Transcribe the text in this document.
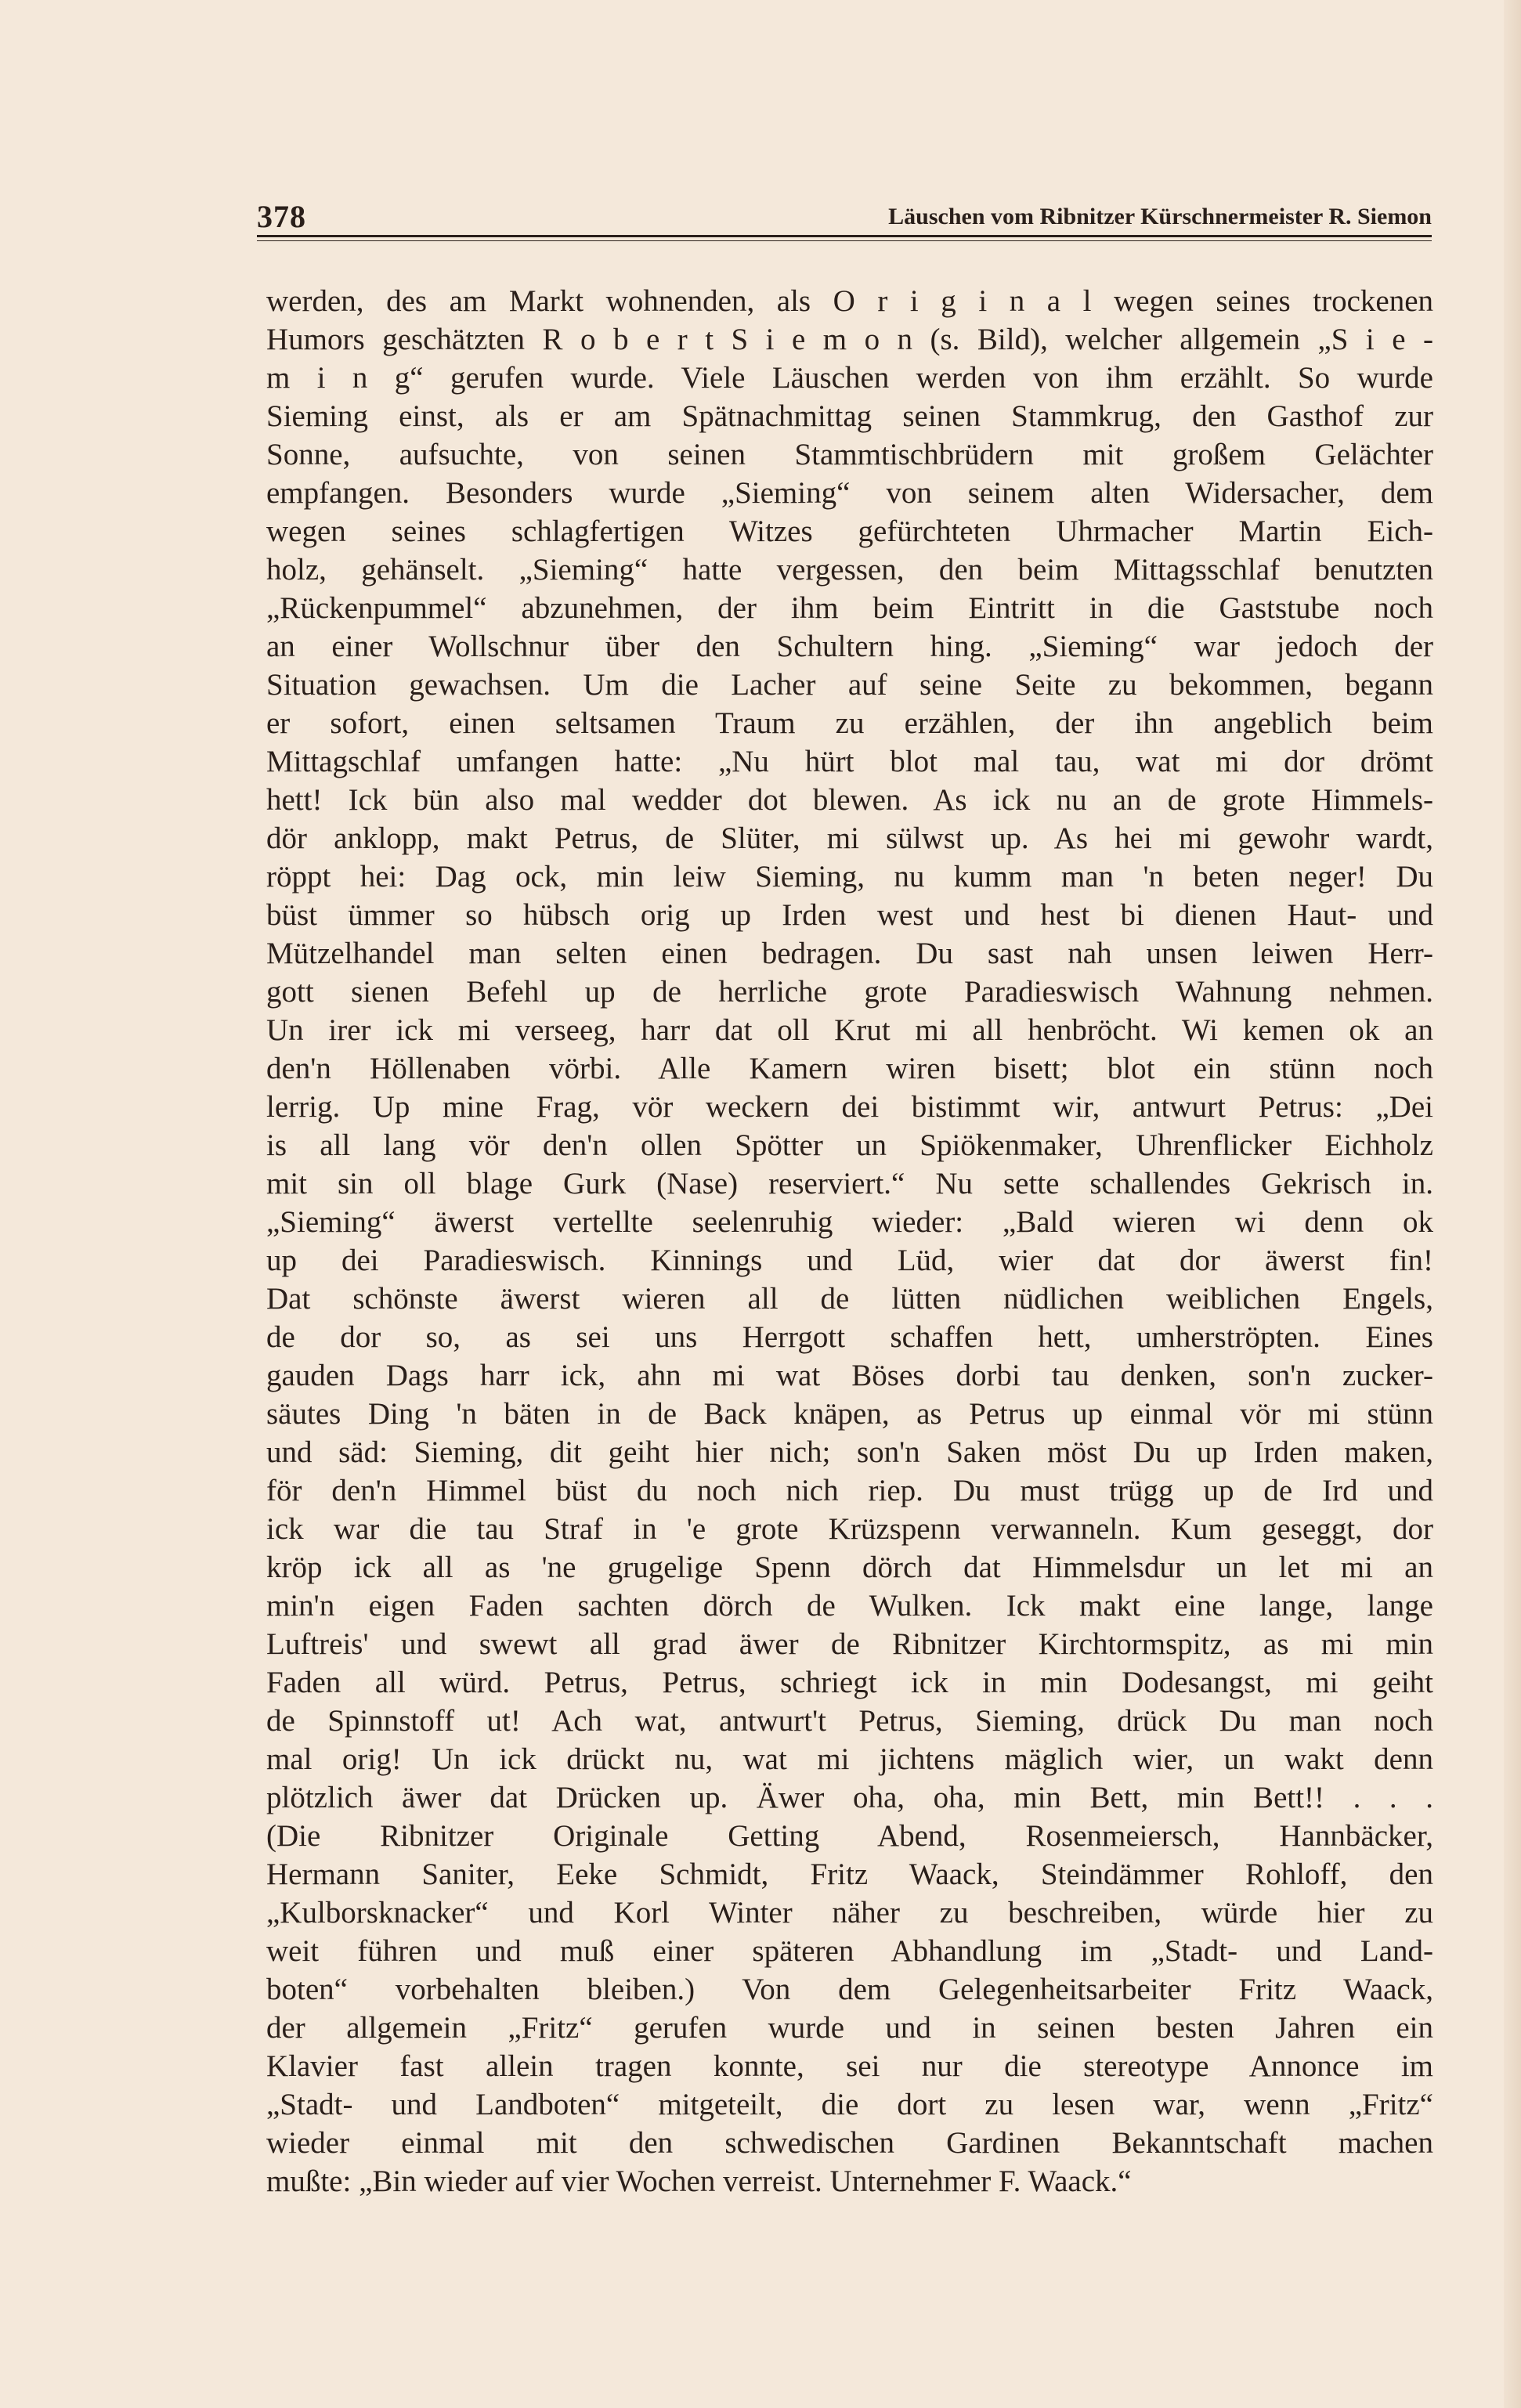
378	Läuschen vom Ribnitzer Kürschnermeister R. Siemon
werden, des am Markt wohnenden, als O r i g i n a l wegen seines trockenen
Humors geschätzten R o b e r t S i e m o n (s. Bild), welcher allgemein „S i e -
m i n g“ gerufen wurde. Viele Läuschen werden von ihm erzählt. So wurde
Sieming einst, als er am Spätnachmittag seinen Stammkrug, den Gasthof zur
Sonne, aufsuchte, von seinen Stammtischbrüdern mit großem Gelächter
empfangen. Besonders wurde „Sieming“ von seinem alten Widersacher, dem
wegen seines schlagfertigen Witzes gefürchteten Uhrmacher Martin Eich-
holz, gehänselt. „Sieming“ hatte vergessen, den beim Mittagsschlaf benutzten
„Rückenpummel“ abzunehmen, der ihm beim Eintritt in die Gaststube noch
an einer Wollschnur über den Schultern hing. „Sieming“ war jedoch der
Situation gewachsen. Um die Lacher auf seine Seite zu bekommen, begann
er sofort, einen seltsamen Traum zu erzählen, der ihn angeblich beim
Mittagschlaf umfangen hatte: „Nu hürt blot mal tau, wat mi dor drömt
hett! Ick bün also mal wedder dot blewen. As ick nu an de grote Himmels-
dör anklopp, makt Petrus, de Slüter, mi sülwst up. As hei mi gewohr wardt,
röppt hei: Dag ock, min leiw Sieming, nu kumm man 'n beten neger! Du
büst ümmer so hübsch orig up Irden west und hest bi dienen Haut- und
Mützelhandel man selten einen bedragen. Du sast nah unsen leiwen Herr-
gott sienen Befehl up de herrliche grote Paradieswisch Wahnung nehmen.
Un irer ick mi verseeg, harr dat oll Krut mi all henbröcht. Wi kemen ok an
den'n Höllenaben vörbi. Alle Kamern wiren bisett; blot ein stünn noch
lerrig. Up mine Frag, vör weckern dei bistimmt wir, antwurt Petrus: „Dei
is all lang vör den'n ollen Spötter un Spiökenmaker, Uhrenflicker Eichholz
mit sin oll blage Gurk (Nase) reserviert.“ Nu sette schallendes Gekrisch in.
„Sieming“ äwerst vertellte seelenruhig wieder: „Bald wieren wi denn ok
up dei Paradieswisch. Kinnings und Lüd, wier dat dor äwerst fin!
Dat schönste äwerst wieren all de lütten nüdlichen weiblichen Engels,
de dor so, as sei uns Herrgott schaffen hett, umherströpten. Eines
gauden Dags harr ick, ahn mi wat Böses dorbi tau denken, son'n zucker-
säutes Ding 'n bäten in de Back knäpen, as Petrus up einmal vör mi stünn
und säd: Sieming, dit geiht hier nich; son'n Saken möst Du up Irden maken,
för den'n Himmel büst du noch nich riep. Du must trügg up de Ird und
ick war die tau Straf in 'e grote Krüzspenn verwanneln. Kum geseggt, dor
kröp ick all as 'ne grugelige Spenn dörch dat Himmelsdur un let mi an
min'n eigen Faden sachten dörch de Wulken. Ick makt eine lange, lange
Luftreis' und swewt all grad äwer de Ribnitzer Kirchtormspitz, as mi min
Faden all würd. Petrus, Petrus, schriegt ick in min Dodesangst, mi geiht
de Spinnstoff ut! Ach wat, antwurt't Petrus, Sieming, drück Du man noch
mal orig! Un ick drückt nu, wat mi jichtens mäglich wier, un wakt denn
plötzlich äwer dat Drücken up. Äwer oha, oha, min Bett, min Bett!! . . .
(Die Ribnitzer Originale Getting Abend, Rosenmeiersch, Hannbäcker,
Hermann Saniter, Eeke Schmidt, Fritz Waack, Steindämmer Rohloff, den
„Kulborsknacker“ und Korl Winter näher zu beschreiben, würde hier zu
weit führen und muß einer späteren Abhandlung im „Stadt- und Land-
boten“ vorbehalten bleiben.) Von dem Gelegenheitsarbeiter Fritz Waack,
der allgemein „Fritz“ gerufen wurde und in seinen besten Jahren ein
Klavier fast allein tragen konnte, sei nur die stereotype Annonce im
„Stadt- und Landboten“ mitgeteilt, die dort zu lesen war, wenn „Fritz“
wieder einmal mit den schwedischen Gardinen Bekanntschaft machen
mußte: „Bin wieder auf vier Wochen verreist. Unternehmer F. Waack.“
